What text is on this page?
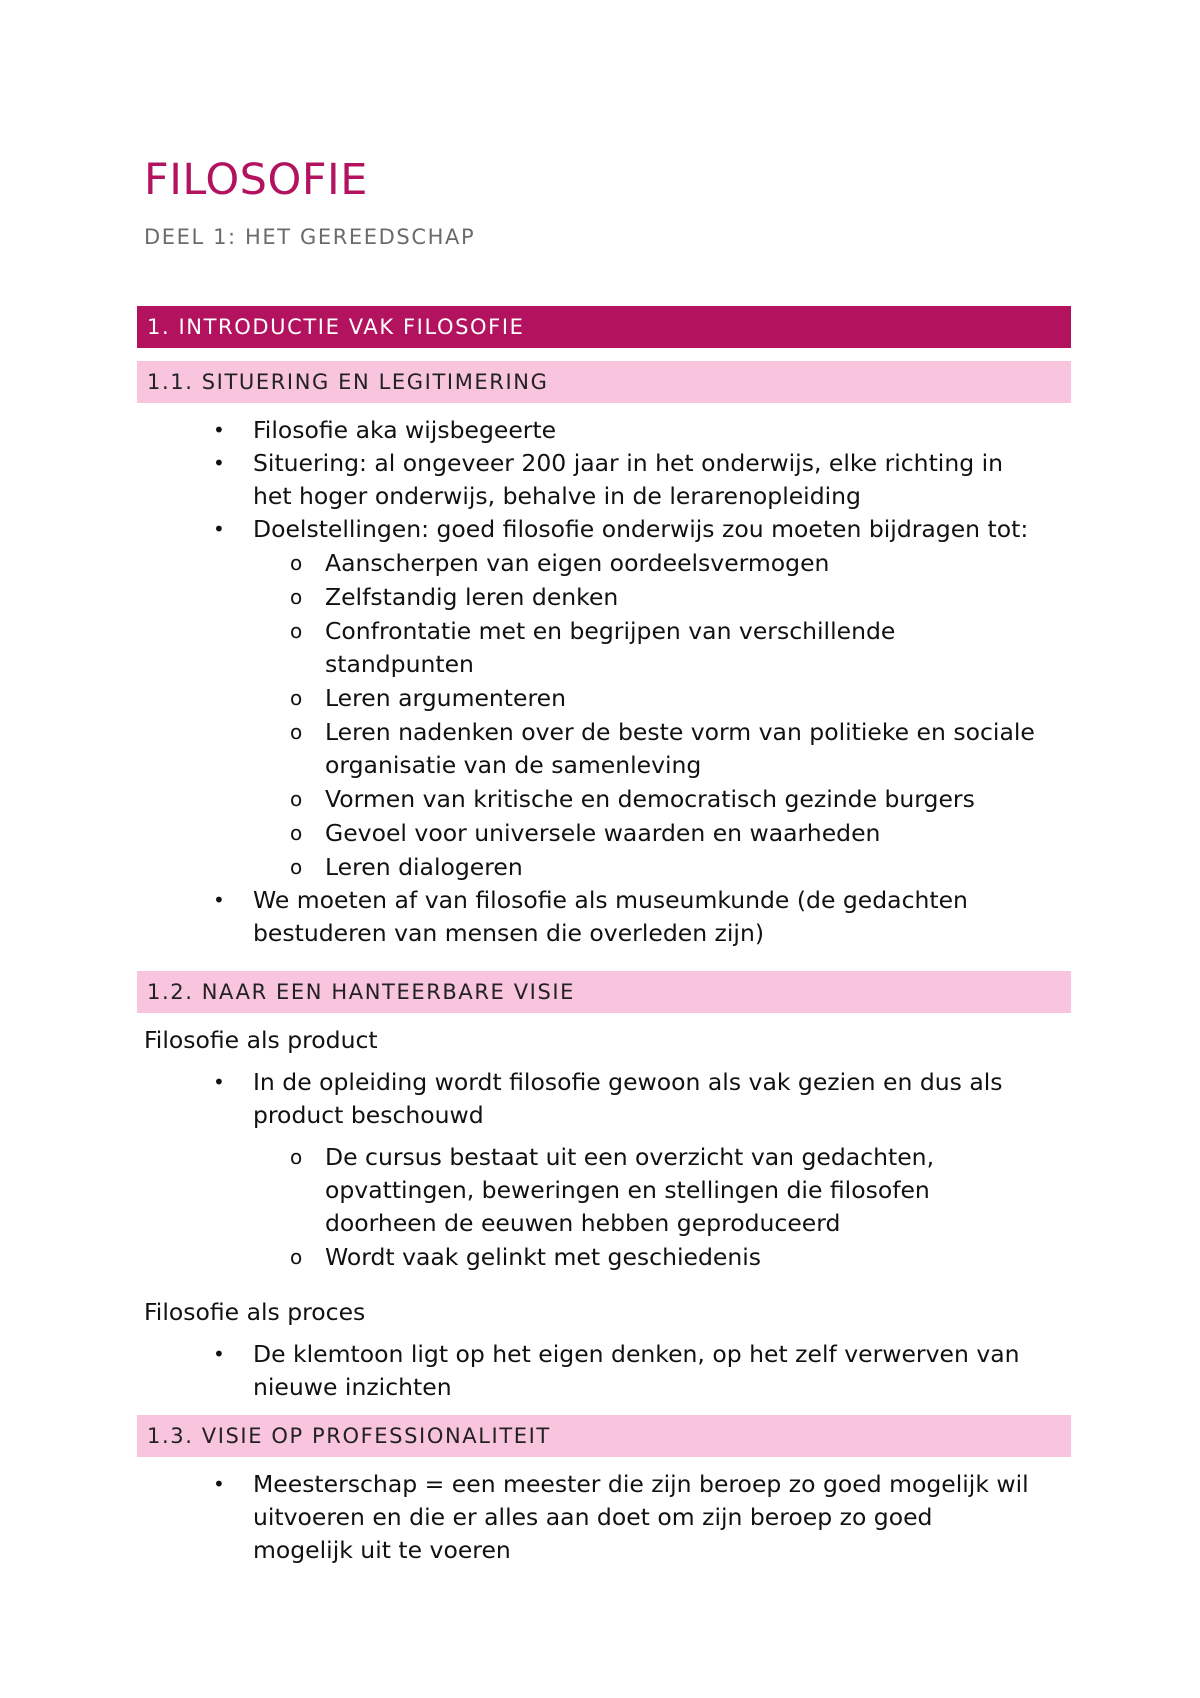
FILOSOFIE
DEEL 1: HET GEREEDSCHAP
1. INTRODUCTIE VAK FILOSOFIE
1.1. SITUERING EN LEGITIMERING
• Filosofie aka wijsbegeerte
• Situering: al ongeveer 200 jaar in het onderwijs, elke richting in
het hoger onderwijs, behalve in de lerarenopleiding
• Doelstellingen: goed filosofie onderwijs zou moeten bijdragen tot:
o Aanscherpen van eigen oordeelsvermogen
o Zelfstandig leren denken
o Confrontatie met en begrijpen van verschillende
standpunten
o Leren argumenteren
o Leren nadenken over de beste vorm van politieke en sociale
organisatie van de samenleving
o Vormen van kritische en democratisch gezinde burgers
o Gevoel voor universele waarden en waarheden
o Leren dialogeren
• We moeten af van filosofie als museumkunde (de gedachten
bestuderen van mensen die overleden zijn)
1.2. NAAR EEN HANTEERBARE VISIE
Filosofie als product
• In de opleiding wordt filosofie gewoon als vak gezien en dus als
product beschouwd
o De cursus bestaat uit een overzicht van gedachten,
opvattingen, beweringen en stellingen die filosofen
doorheen de eeuwen hebben geproduceerd
o Wordt vaak gelinkt met geschiedenis
Filosofie als proces
• De klemtoon ligt op het eigen denken, op het zelf verwerven van
nieuwe inzichten
1.3. VISIE OP PROFESSIONALITEIT
• Meesterschap = een meester die zijn beroep zo goed mogelijk wil
uitvoeren en die er alles aan doet om zijn beroep zo goed
mogelijk uit te voeren
